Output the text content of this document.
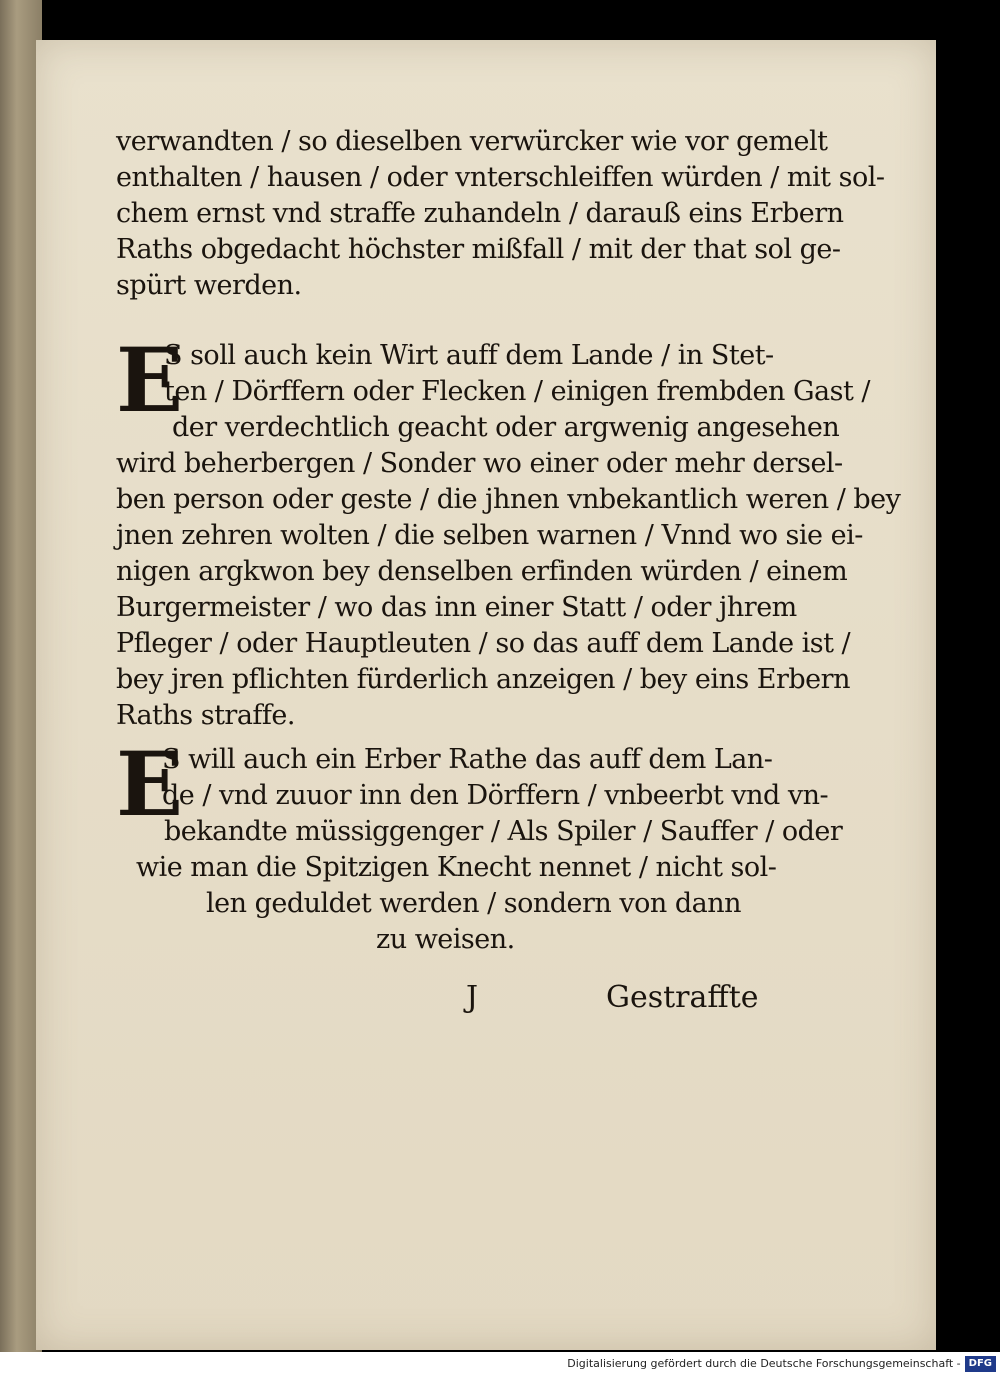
verwandten / so dieselben verwürcker wie vor gemelt
enthalten / hausen / oder vnterschleiffen würden / mit sol-
chem ernst vnd straffe zuhandeln / darauß eins Erbern
Raths obgedacht höchster mißfall / mit der that sol ge-
spürt werden.
E
S soll auch kein Wirt auff dem Lande / in Stet-
ten / Dörffern oder Flecken / einigen frembden Gast /
der verdechtlich geacht oder argwenig angesehen
wird beherbergen / Sonder wo einer oder mehr dersel-
ben person oder geste / die jhnen vnbekantlich weren / bey
jnen zehren wolten / die selben warnen / Vnnd wo sie ei-
nigen argkwon bey denselben erfinden würden / einem
Burgermeister / wo das inn einer Statt / oder jhrem
Pfleger / oder Hauptleuten / so das auff dem Lande ist /
bey jren pflichten fürderlich anzeigen / bey eins Erbern
Raths straffe.
E
S will auch ein Erber Rathe das auff dem Lan-
de / vnd zuuor inn den Dörffern / vnbeerbt vnd vn-
bekandte müssiggenger / Als Spiler / Sauffer / oder
wie man die Spitzigen Knecht nennet / nicht sol-
len geduldet werden / sondern von dann
zu weisen.
J	Gestraffte
Digitalisierung gefördert durch die Deutsche Forschungsgemeinschaft - DFG
